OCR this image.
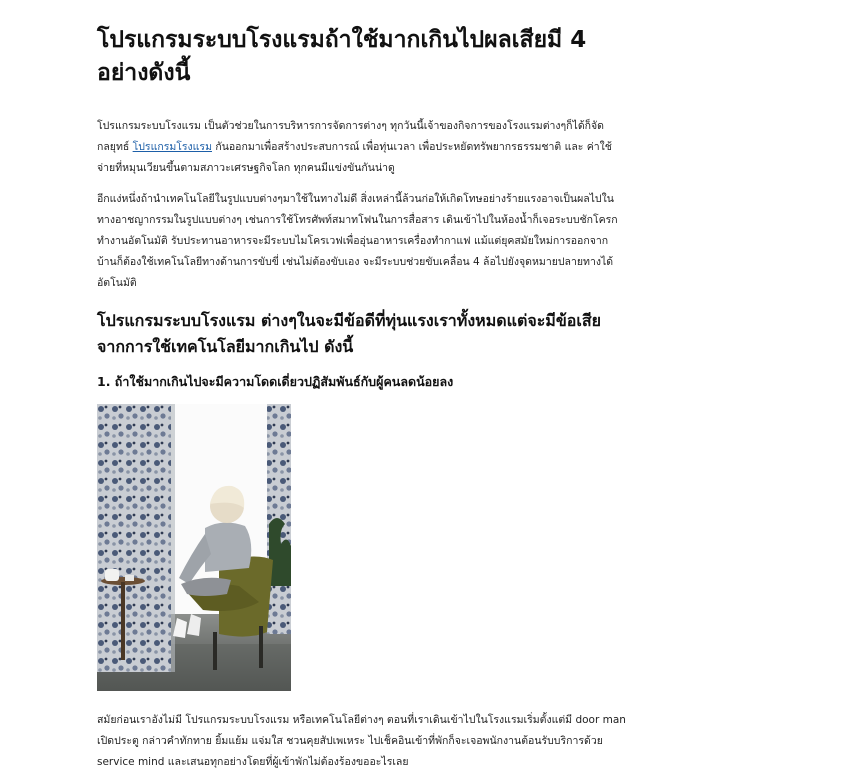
โปรแกรมระบบโรงแรมถ้าใช้มากเกินไปผลเสียมี 4 อย่างดังนี้

โปรแกรมระบบโรงแรม เป็นตัวช่วยในการบริหารการจัดการต่างๆ ทุกวันนี้เจ้าของกิจการของโรงแรมต่างๆก็ได้ก็จัดกลยุทธ์ โปรแกรมโรงแรม กันออกมาเพื่อสร้างประสบการณ์ เพื่อทุ่นเวลา เพื่อประหยัดทรัพยากรธรรมชาติ และ ค่าใช้จ่ายที่หมุนเวียนขึ้นตามสภาวะเศรษฐกิจโลก ทุกคนมีแข่งขันกันน่าดู

อีกแง่หนึ่งถ้านำเทคโนโลยีในรูปแบบต่างๆมาใช้ในทางไม่ดี สิ่งเหล่านี้ล้วนก่อให้เกิดโทษอย่างร้ายแรงอาจเป็นผลไปในทางอาชญากรรมในรูปแบบต่างๆ เช่นการใช้โทรศัพท์สมาทโฟนในการสื่อสาร เดินเข้าไปในห้องน้ำก็เจอระบบชักโครกทำงานอัตโนมัติ รับประทานอาหารจะมีระบบไมโครเวฟเพื่ออุ่นอาหารเครื่องทำกาแฟ แม้แต่ยุคสมัยใหม่การออกจากบ้านก็ต้องใช้เทคโนโลยีทางด้านการขับขี่ เช่นไม่ต้องขับเอง จะมีระบบช่วยขับเคลื่อน 4 ล้อไปยังจุดหมายปลายทางได้อัตโนมัติ

โปรแกรมระบบโรงแรม ต่างๆในจะมีข้อดีที่ทุ่นแรงเราทั้งหมดแต่จะมีข้อเสียจากการใช้เทคโนโลยีมากเกินไป ดังนี้
1. ถ้าใช้มากเกินไปจะมีความโดดเดี่ยวปฏิสัมพันธ์กับผู้คนลดน้อยลง

สมัยก่อนเราอังไม่มี โปรแกรมระบบโรงแรม หรือเทคโนโลยีต่างๆ ตอนที่เราเดินเข้าไปในโรงแรมเริ่มตั้งแต่มี door man เปิดประตู กล่าวคำทักทาย ยิ้มแย้ม แจ่มใส ชวนคุยสัปเพเหระ ไปเช็คอินเข้าที่พักก็จะเจอพนักงานต้อนรับบริการด้วย service mind และเสนอทุกอย่างโดยที่ผู้เข้าพักไม่ต้องร้องขออะไรเลย
